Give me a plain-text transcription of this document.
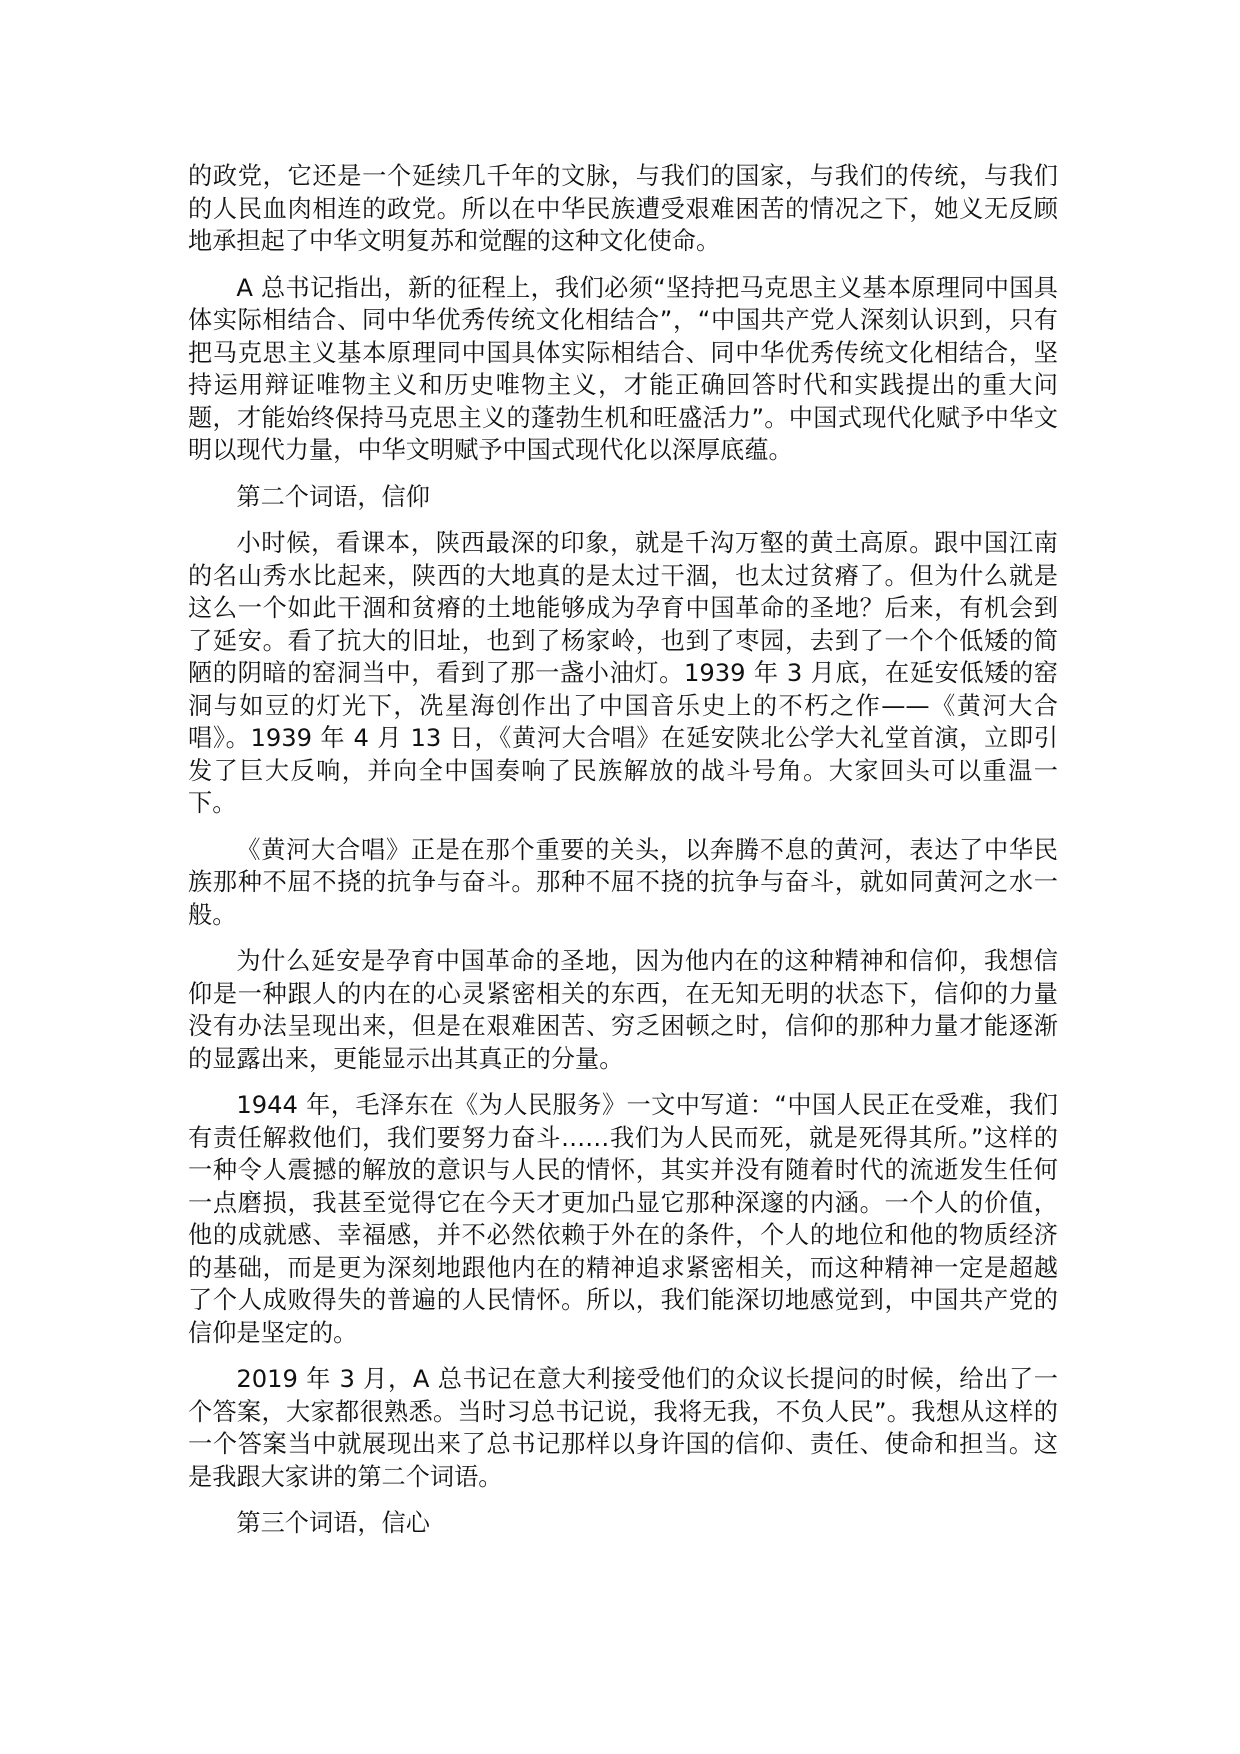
的政党，它还是一个延续几千年的文脉，与我们的国家，与我们的传统，与我们的人民血肉相连的政党。所以在中华民族遭受艰难困苦的情况之下，她义无反顾地承担起了中华文明复苏和觉醒的这种文化使命。

A 总书记指出，新的征程上，我们必须“坚持把马克思主义基本原理同中国具体实际相结合、同中华优秀传统文化相结合”，“中国共产党人深刻认识到，只有把马克思主义基本原理同中国具体实际相结合、同中华优秀传统文化相结合，坚持运用辩证唯物主义和历史唯物主义，才能正确回答时代和实践提出的重大问题，才能始终保持马克思主义的蓬勃生机和旺盛活力”。中国式现代化赋予中华文明以现代力量，中华文明赋予中国式现代化以深厚底蕴。

第二个词语，信仰

小时候，看课本，陕西最深的印象，就是千沟万壑的黄土高原。跟中国江南的名山秀水比起来，陕西的大地真的是太过干涸，也太过贫瘠了。但为什么就是这么一个如此干涸和贫瘠的土地能够成为孕育中国革命的圣地？后来，有机会到了延安。看了抗大的旧址，也到了杨家岭，也到了枣园，去到了一个个低矮的简陋的阴暗的窑洞当中，看到了那一盏小油灯。1939 年 3 月底，在延安低矮的窑洞与如豆的灯光下，冼星海创作出了中国音乐史上的不朽之作——《黄河大合唱》。1939 年 4 月 13 日，《黄河大合唱》在延安陕北公学大礼堂首演，立即引发了巨大反响，并向全中国奏响了民族解放的战斗号角。大家回头可以重温一下。

《黄河大合唱》正是在那个重要的关头，以奔腾不息的黄河，表达了中华民族那种不屈不挠的抗争与奋斗。那种不屈不挠的抗争与奋斗，就如同黄河之水一般。

为什么延安是孕育中国革命的圣地，因为他内在的这种精神和信仰，我想信仰是一种跟人的内在的心灵紧密相关的东西，在无知无明的状态下，信仰的力量没有办法呈现出来，但是在艰难困苦、穷乏困顿之时，信仰的那种力量才能逐渐的显露出来，更能显示出其真正的分量。

1944 年，毛泽东在《为人民服务》一文中写道：“中国人民正在受难，我们有责任解救他们，我们要努力奋斗……我们为人民而死，就是死得其所。”这样的一种令人震撼的解放的意识与人民的情怀，其实并没有随着时代的流逝发生任何一点磨损，我甚至觉得它在今天才更加凸显它那种深邃的内涵。一个人的价值，他的成就感、幸福感，并不必然依赖于外在的条件，个人的地位和他的物质经济的基础，而是更为深刻地跟他内在的精神追求紧密相关，而这种精神一定是超越了个人成败得失的普遍的人民情怀。所以，我们能深切地感觉到，中国共产党的信仰是坚定的。

2019 年 3 月，A 总书记在意大利接受他们的众议长提问的时候，给出了一个答案，大家都很熟悉。当时习总书记说，我将无我，不负人民”。我想从这样的一个答案当中就展现出来了总书记那样以身许国的信仰、责任、使命和担当。这是我跟大家讲的第二个词语。

第三个词语，信心
